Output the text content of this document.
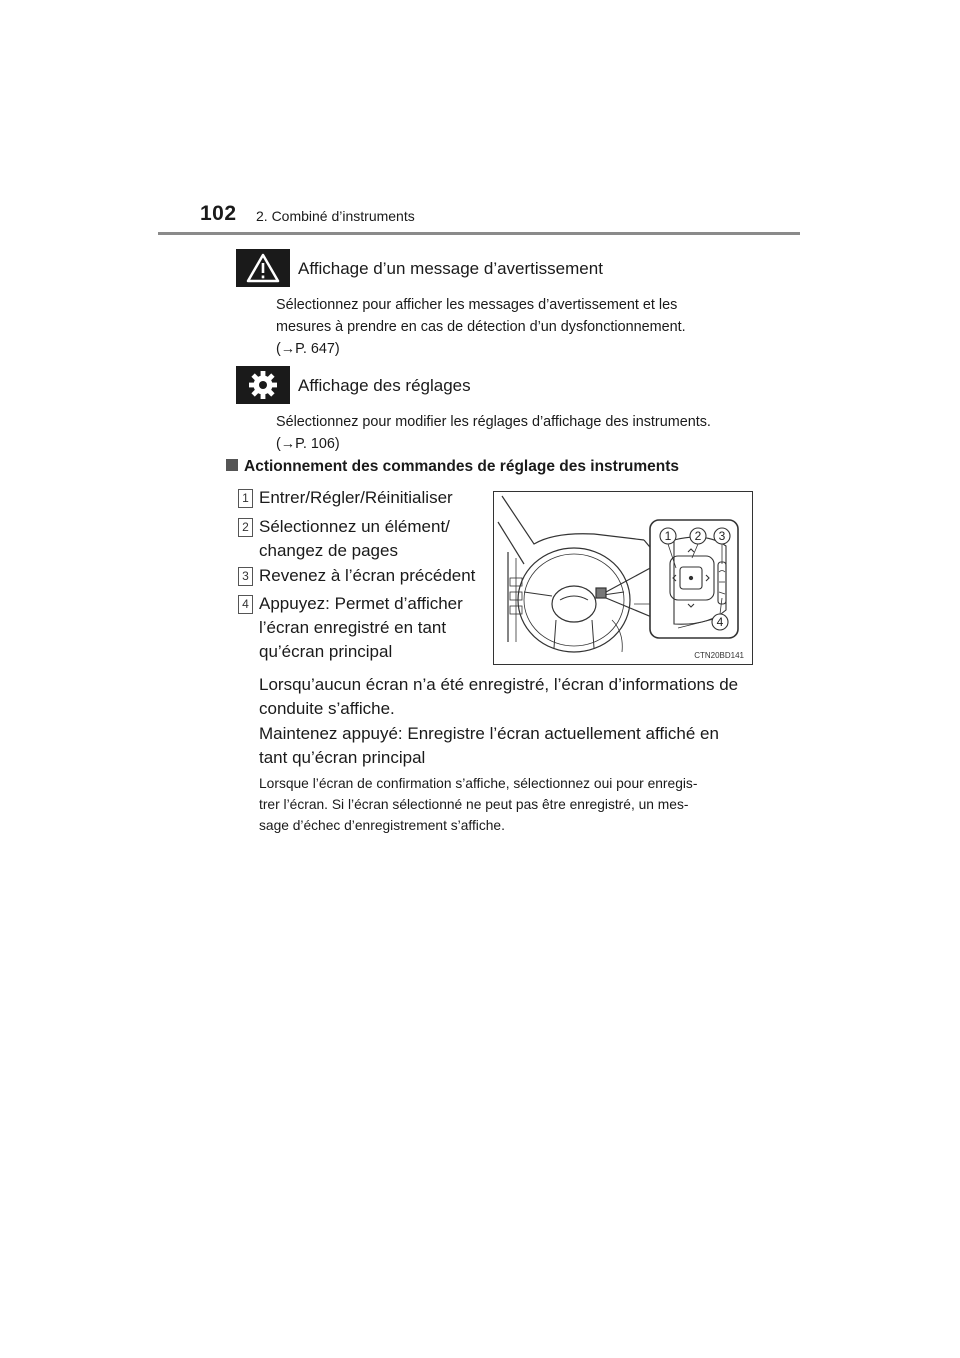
102 2. Combiné d’instruments
Affichage d’un message d’avertissement
Sélectionnez pour afficher les messages d’avertissement et les
mesures à prendre en cas de détection d’un dysfonctionnement.
(→P. 647)
Affichage des réglages
Sélectionnez pour modifier les réglages d’affichage des instruments.
(→P. 106)
Actionnement des commandes de réglage des instruments
1 Entrer/Régler/Réinitialiser
2 Sélectionnez un élément/
changez de pages
3 Revenez à l’écran précédent
4 Appuyez: Permet d’afficher
l’écran enregistré en tant
qu’écran principal
1 2 3
4
CTN20BD141
Lorsqu’aucun écran n’a été enregistré, l’écran d’informations de
conduite s’affiche.
Maintenez appuyé: Enregistre l’écran actuellement affiché en
tant qu’écran principal
Lorsque l’écran de confirmation s’affiche, sélectionnez oui pour enregis-
trer l’écran. Si l’écran sélectionné ne peut pas être enregistré, un mes-
sage d’échec d’enregistrement s’affiche.
